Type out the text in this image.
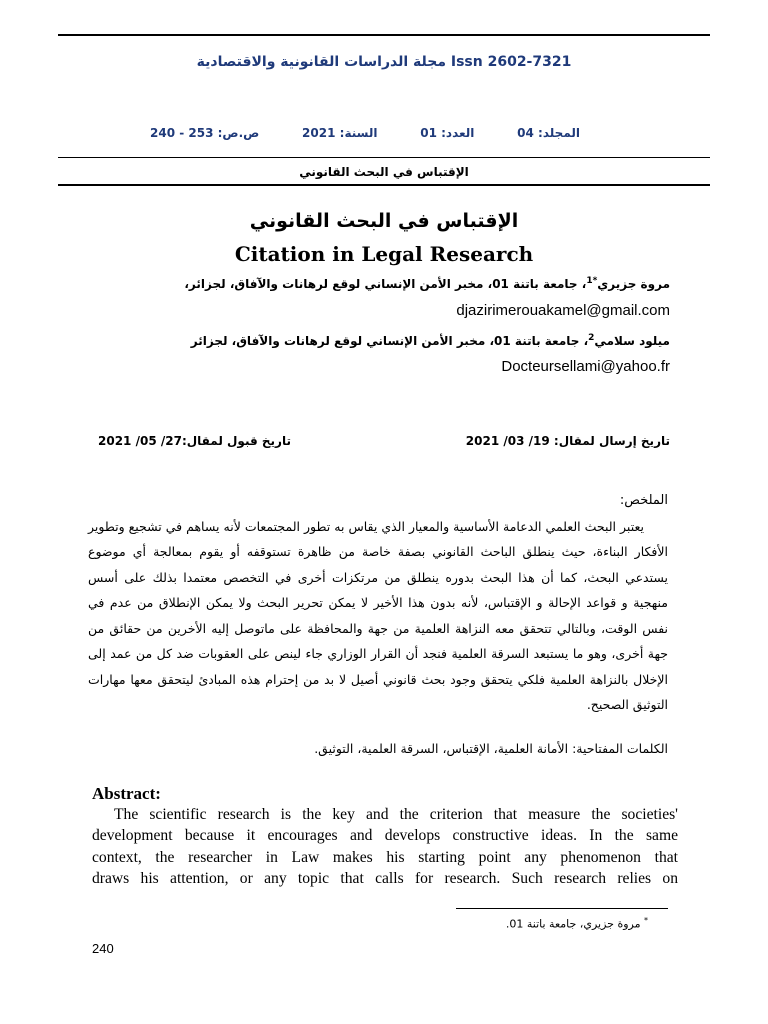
Issn 2602-7321 مجلة الدراسات القانونية والاقتصادية
المجلد: 04
العدد: 01
السنة: 2021
ص.ص: 240 - 253
الإقتباس في البحث القانوني
الإقتباس في البحث القانوني
Citation in Legal Research
مروة جزيري$^{*1}$، جامعة باتنة 01، مخبر الأمن الإنساني لوقع لرهانات والآفاق، لجزائر،
djazirimerouakamel@gmail.com
ميلود سلامي$^2$، جامعة باتنة 01، مخبر الأمن الإنساني لوقع لرهانات والآفاق، لجزائر
Docteursellami@yahoo.fr
تاريخ إرسال لمقال: 19/ 03/ 2021
تاريخ قبول لمقال:27/ 05/ 2021
الملخص:

يعتبر البحث العلمي الدعامة الأساسية والمعيار الذي يقاس به تطور المجتمعات لأنه يساهم في تشجيع وتطوير الأفكار البناءة، حيث ينطلق الباحث القانوني بصفة خاصة من ظاهرة تستوقفه أو يقوم بمعالجة أي موضوع يستدعي البحث، كما أن هذا البحث بدوره ينطلق من مرتكزات أخرى في التخصص معتمدا بذلك على أسس منهجية و قواعد الإحالة و الإقتباس، لأنه بدون هذا الأخير لا يمكن تحرير البحث ولا يمكن الإنطلاق من عدم في نفس الوقت، وبالتالي تتحقق معه النزاهة العلمية من جهة والمحافظة على ماتوصل إليه الأخرين من حقائق من جهة أخرى، وهو ما يستبعد السرقة العلمية فنجد أن القرار الوزاري جاء لينص على العقوبات ضد كل من عمد إلى الإخلال بالنزاهة العلمية فلكي يتحقق وجود بحث قانوني أصيل لا بد من إحترام هذه المبادئ ليتحقق معها مهارات التوثيق الصحيح.

الكلمات المفتاحية: الأمانة العلمية، الإقتباس، السرقة العلمية، التوثيق.
Abstract:

The scientific research is the key and the criterion that measure the societies'
development because it encourages and develops constructive ideas. In the same
context, the researcher in Law makes his starting point any phenomenon that
draws his attention, or any topic that calls for research. Such research relies on

* مروة جزيري، جامعة باتنة 01.
240
